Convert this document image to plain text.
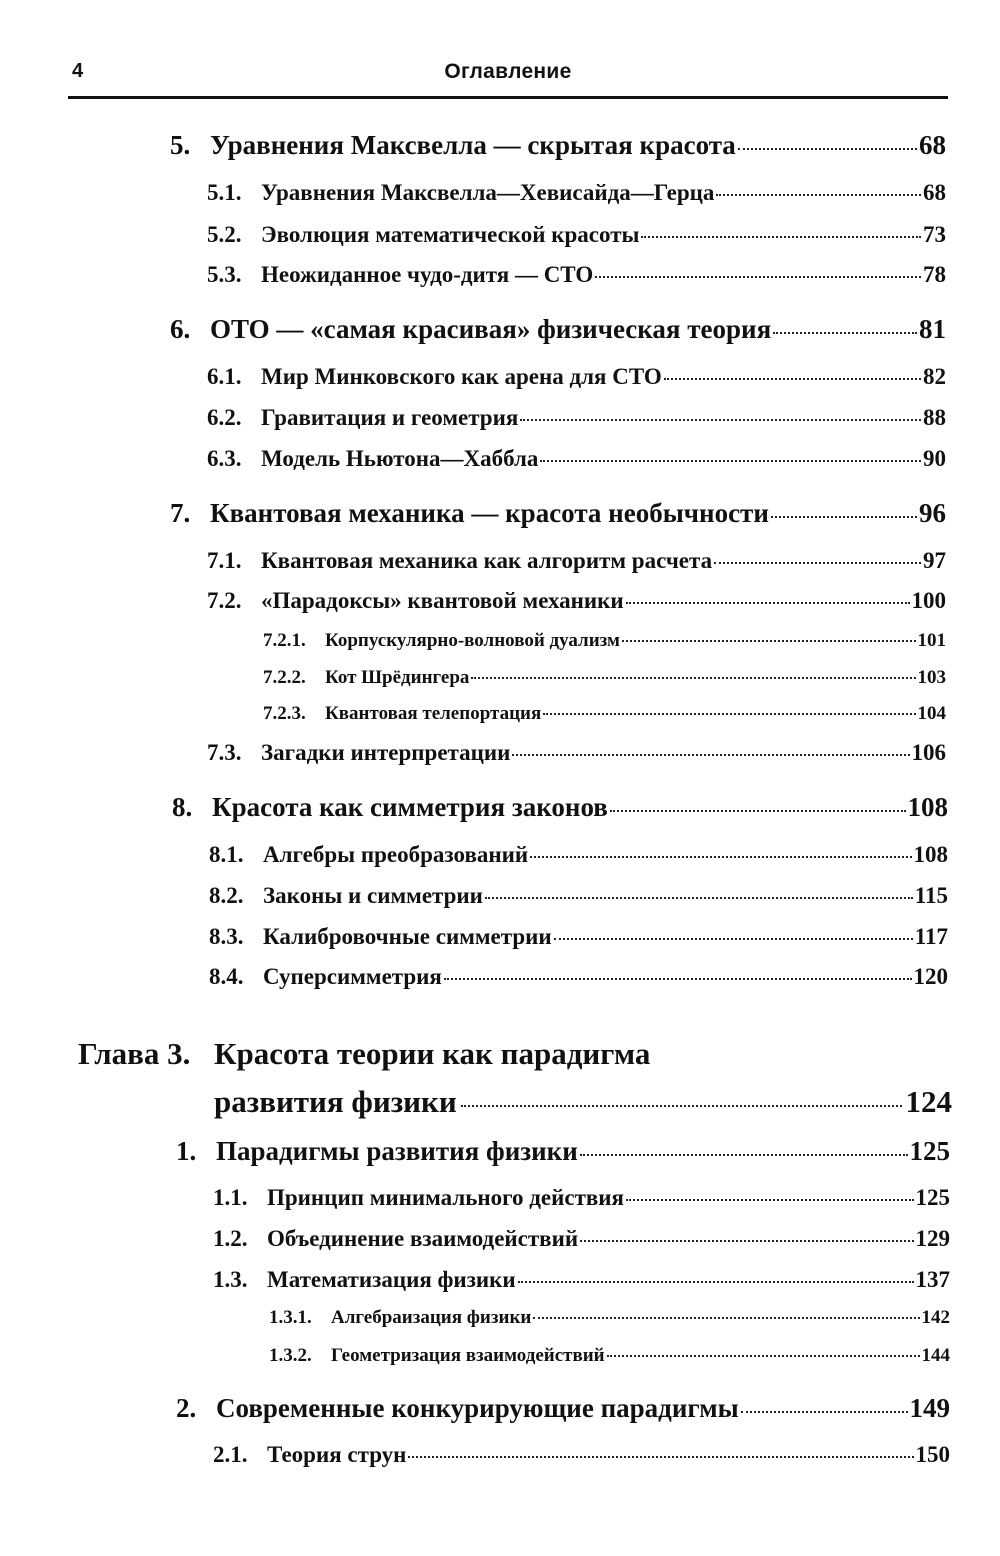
4	Оглавление
5. Уравнения Максвелла — скрытая красота	68
5.1. Уравнения Максвелла—Хевисайда—Герца	68
5.2. Эволюция математической красоты	73
5.3. Неожиданное чудо-дитя — СТО	78
6. ОТО — «самая красивая» физическая теория	81
6.1. Мир Минковского как арена для СТО	82
6.2. Гравитация и геометрия	88
6.3. Модель Ньютона—Хаббла	90
7. Квантовая механика — красота необычности	96
7.1. Квантовая механика как алгоритм расчета	97
7.2. «Парадоксы» квантовой механики	100
7.2.1.	Корпускулярно-волновой дуализм	101
7.2.2.	Кот Шрёдингера	103
7.2.3.	Квантовая телепортация	104
7.3. Загадки интерпретации	106
8. Красота как симметрия законов	108
8.1. Алгебры преобразований	108
8.2. Законы и симметрии	115
8.3. Калибровочные симметрии	117
8.4. Суперсимметрия	120
Глава 3. Красота теории как парадигма
развития физики	124
1. Парадигмы развития физики	125
1.1. Принцип минимального действия	125
1.2. Объединение взаимодействий	129
1.3. Математизация физики	137
1.3.1.	Алгебраизация физики	142
1.3.2.	Геометризация взаимодействий	144
2. Современные конкурирующие парадигмы	149
2.1. Теория струн	150
